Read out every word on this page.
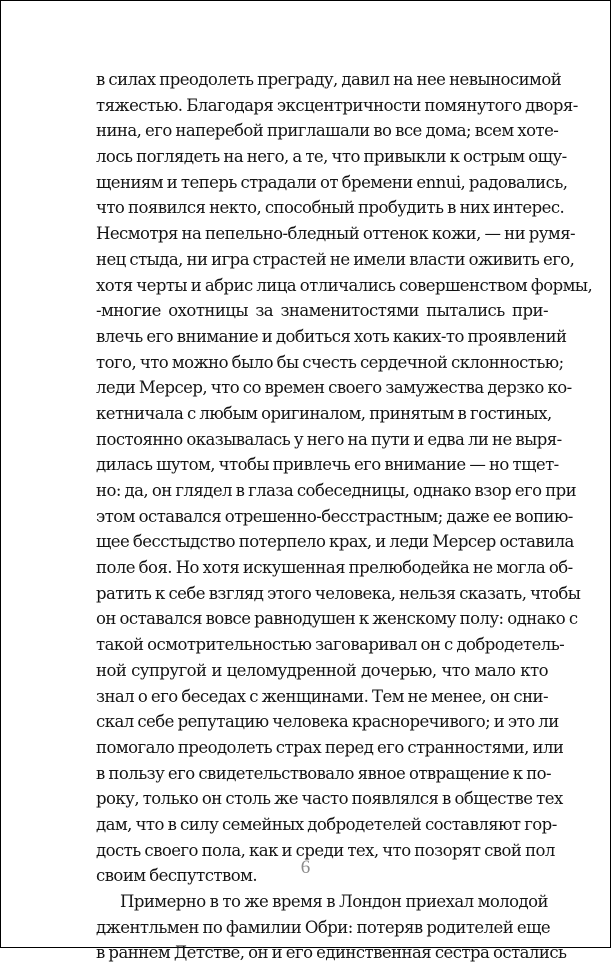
в силах преодолеть преграду, давил на нее невыносимой
тяжестью. Благодаря эксцентричности помянутого дворя-
нина, его наперебой приглашали во все дома; всем хоте-
лось поглядеть на него, а те, что привыкли к острым ощу-
щениям и теперь страдали от бремени ennui, радовались,
что появился некто, способный пробудить в них интерес.
Несмотря на пепельно-бледный оттенок кожи, — ни румя-
нец стыда, ни игра страстей не имели власти оживить его,
хотя черты и абрис лица отличались совершенством формы,
-многие охотницы за знаменитостями пытались при-
влечь его внимание и добиться хоть каких-то проявлений
того, что можно было бы счесть сердечной склонностью;
леди Мерсер, что со времен своего замужества дерзко ко-
кетничала с любым оригиналом, принятым в гостиных,
постоянно оказывалась у него на пути и едва ли не выря-
дилась шутом, чтобы привлечь его внимание — но тщет-
но: да, он глядел в глаза собеседницы, однако взор его при
этом оставался отрешенно-бесстрастным; даже ее вопию-
щее бесстыдство потерпело крах, и леди Мерсер оставила
поле боя. Но хотя искушенная прелюбодейка не могла об-
ратить к себе взгляд этого человека, нельзя сказать, чтобы
он оставался вовсе равнодушен к женскому полу: однако с
такой осмотрительностью заговаривал он с добродетель-
ной супругой и целомудренной дочерью, что мало кто
знал о его беседах с женщинами. Тем не менее, он сни-
скал себе репутацию человека красноречивого; и это ли
помогало преодолеть страх перед его странностями, или
в пользу его свидетельствовало явное отвращение к по-
року, только он столь же часто появлялся в обществе тех
дам, что в силу семейных добродетелей составляют гор-
дость своего пола, как и среди тех, что позорят свой пол
своим беспутством.
Примерно в то же время в Лондон приехал молодой
джентльмен по фамилии Обри: потеряв родителей еще
в раннем Детстве, он и его единственная сестра остались
6
